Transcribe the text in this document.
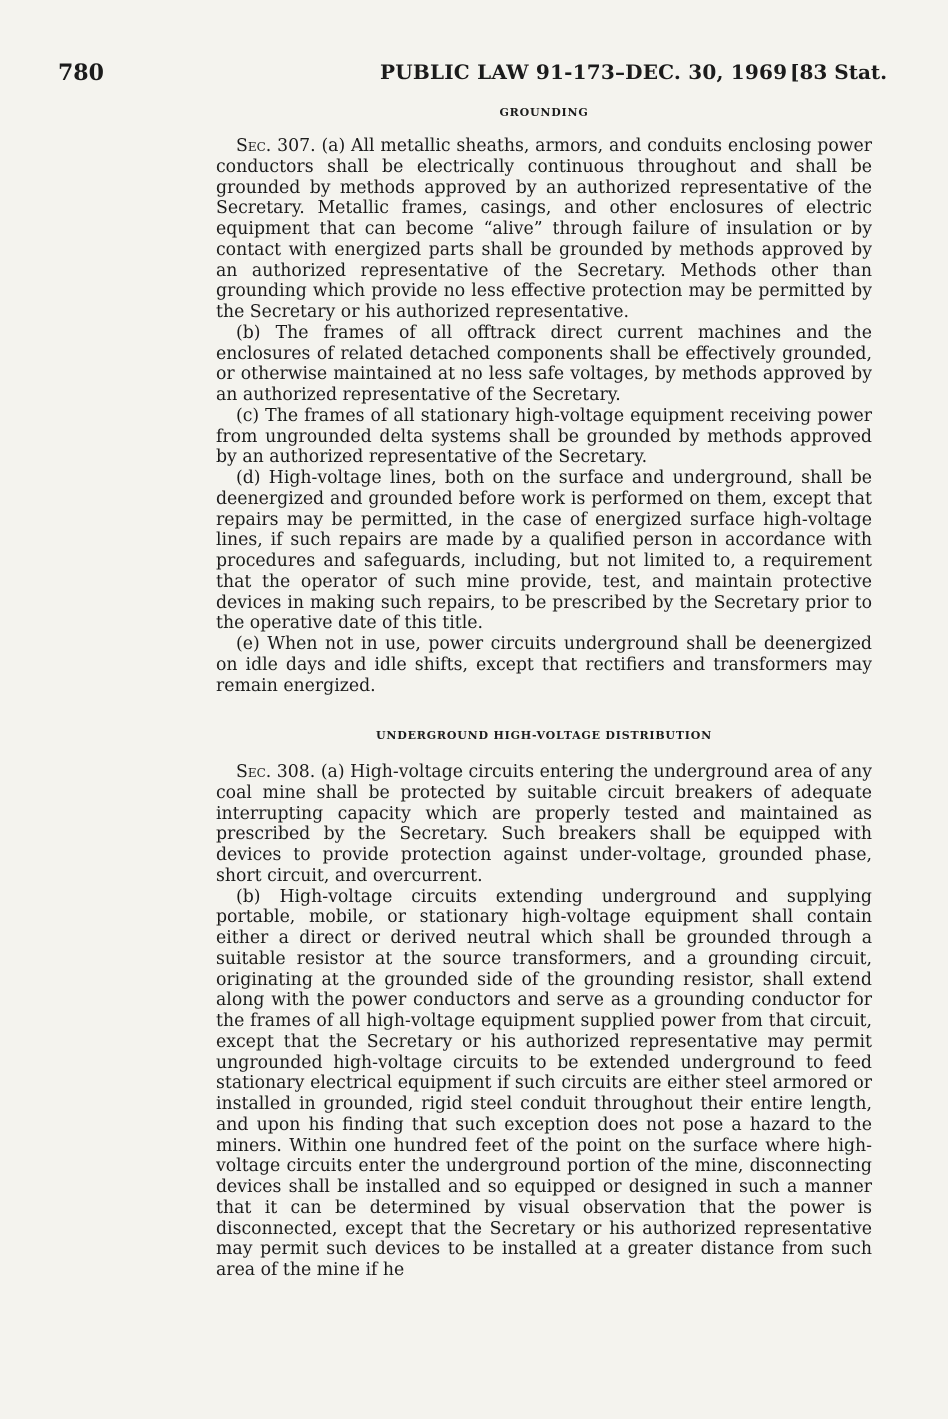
780	PUBLIC LAW 91-173–DEC. 30, 1969 [83 Stat.
GROUNDING

Sec. 307. (a) All metallic sheaths, armors, and conduits enclosing power conductors shall be electrically continuous throughout and shall be grounded by methods approved by an authorized representative of the Secretary. Metallic frames, casings, and other enclosures of electric equipment that can become “alive” through failure of insulation or by contact with energized parts shall be grounded by methods approved by an authorized representative of the Secretary. Methods other than grounding which provide no less effective protection may be permitted by the Secretary or his authorized representative.

(b) The frames of all offtrack direct current machines and the enclosures of related detached components shall be effectively grounded, or otherwise maintained at no less safe voltages, by methods approved by an authorized representative of the Secretary.

(c) The frames of all stationary high-voltage equipment receiving power from ungrounded delta systems shall be grounded by methods approved by an authorized representative of the Secretary.

(d) High-voltage lines, both on the surface and underground, shall be deenergized and grounded before work is performed on them, except that repairs may be permitted, in the case of energized surface high-voltage lines, if such repairs are made by a qualified person in accordance with procedures and safeguards, including, but not limited to, a requirement that the operator of such mine provide, test, and maintain protective devices in making such repairs, to be prescribed by the Secretary prior to the operative date of this title.

(e) When not in use, power circuits underground shall be deenergized on idle days and idle shifts, except that rectifiers and transformers may remain energized.

UNDERGROUND HIGH-VOLTAGE DISTRIBUTION

Sec. 308. (a) High-voltage circuits entering the underground area of any coal mine shall be protected by suitable circuit breakers of adequate interrupting capacity which are properly tested and maintained as prescribed by the Secretary. Such breakers shall be equipped with devices to provide protection against under-voltage, grounded phase, short circuit, and overcurrent.

(b) High-voltage circuits extending underground and supplying portable, mobile, or stationary high-voltage equipment shall contain either a direct or derived neutral which shall be grounded through a suitable resistor at the source transformers, and a grounding circuit, originating at the grounded side of the grounding resistor, shall extend along with the power conductors and serve as a grounding conductor for the frames of all high-voltage equipment supplied power from that circuit, except that the Secretary or his authorized representative may permit ungrounded high-voltage circuits to be extended underground to feed stationary electrical equipment if such circuits are either steel armored or installed in grounded, rigid steel conduit throughout their entire length, and upon his finding that such exception does not pose a hazard to the miners. Within one hundred feet of the point on the surface where high-voltage circuits enter the underground portion of the mine, disconnecting devices shall be installed and so equipped or designed in such a manner that it can be determined by visual observation that the power is disconnected, except that the Secretary or his authorized representative may permit such devices to be installed at a greater distance from such area of the mine if he
